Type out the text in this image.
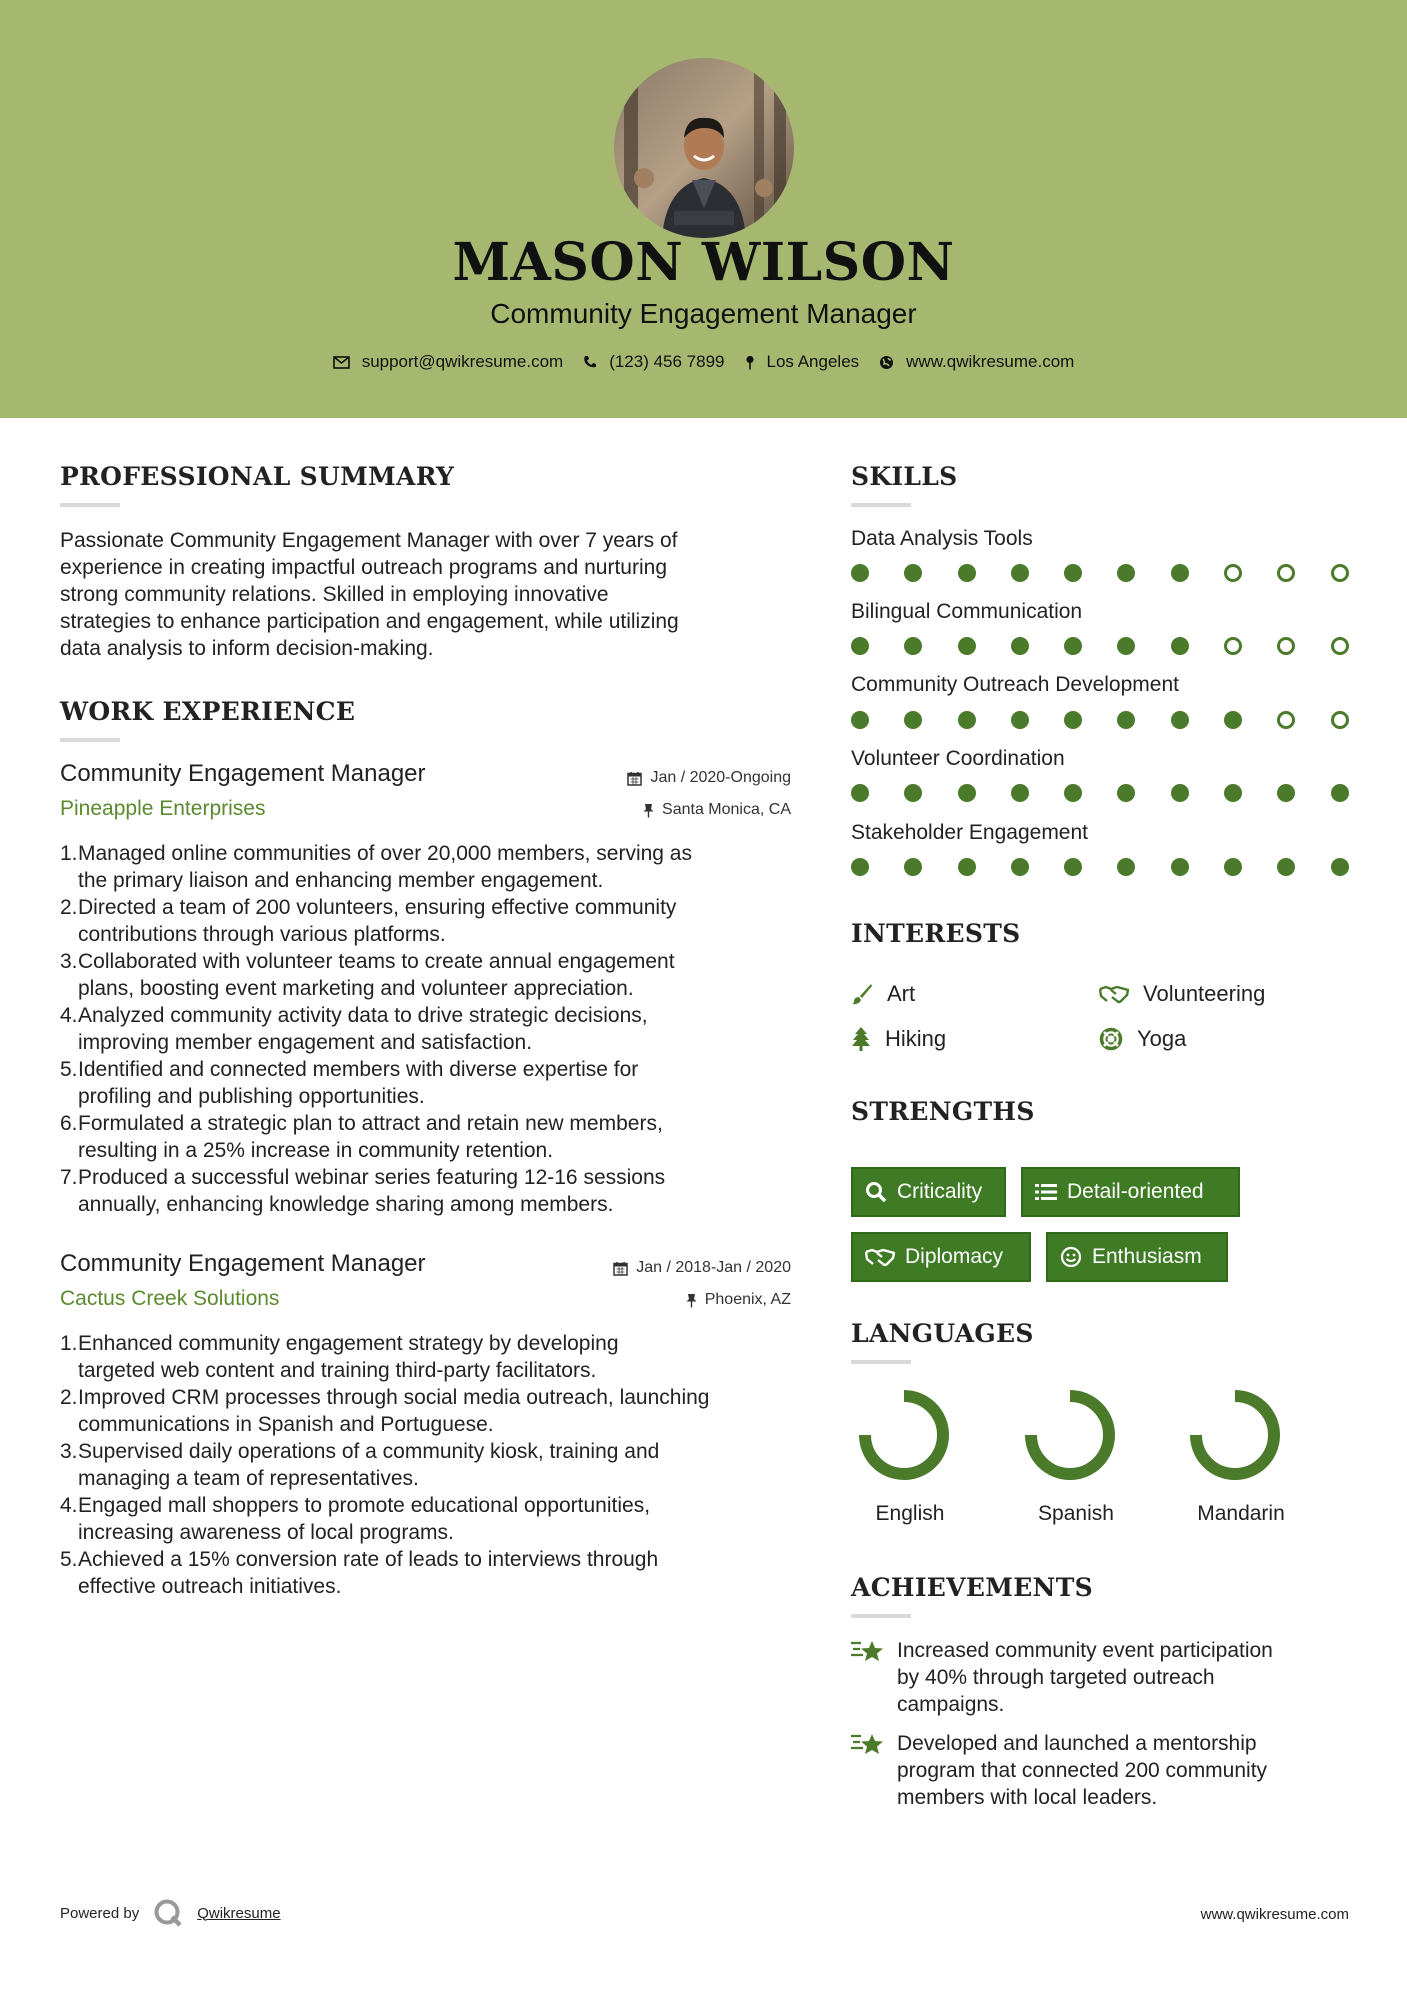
MASON WILSON
Community Engagement Manager
support@qwikresume.com	(123) 456 7899 Los Angeles	www.qwikresume.com
PROFESSIONAL SUMMARY
Passionate Community Engagement Manager with over 7 years of
experience in creating impactful outreach programs and nurturing
strong community relations. Skilled in employing innovative
strategies to enhance participation and engagement, while utilizing
data analysis to inform decision-making.
WORK EXPERIENCE
Community Engagement Manager	Jan / 2020-Ongoing
Pineapple Enterprises	Santa Monica, CA
1. Managed online communities of over 20,000 members, serving as
the primary liaison and enhancing member engagement.
2. Directed a team of 200 volunteers, ensuring effective community
contributions through various platforms.
3. Collaborated with volunteer teams to create annual engagement
plans, boosting event marketing and volunteer appreciation.
4. Analyzed community activity data to drive strategic decisions,
improving member engagement and satisfaction.
5. Identified and connected members with diverse expertise for
profiling and publishing opportunities.
6. Formulated a strategic plan to attract and retain new members,
resulting in a 25% increase in community retention.
7. Produced a successful webinar series featuring 12-16 sessions
annually, enhancing knowledge sharing among members.
Community Engagement Manager	Jan / 2018-Jan / 2020
Cactus Creek Solutions	Phoenix, AZ
1. Enhanced community engagement strategy by developing
targeted web content and training third-party facilitators.
2. Improved CRM processes through social media outreach, launching
communications in Spanish and Portuguese.
3. Supervised daily operations of a community kiosk, training and
managing a team of representatives.
4. Engaged mall shoppers to promote educational opportunities,
increasing awareness of local programs.
5. Achieved a 15% conversion rate of leads to interviews through
effective outreach initiatives.
SKILLS
Data Analysis Tools
Bilingual Communication
Community Outreach Development
Volunteer Coordination
Stakeholder Engagement
INTERESTS
Art	Volunteering
Hiking	Yoga
STRENGTHS
Criticality	Detail-oriented
Diplomacy	Enthusiasm
LANGUAGES
English	Spanish	Mandarin
ACHIEVEMENTS
Increased community event participation
by 40% through targeted outreach
campaigns.
Developed and launched a mentorship
program that connected 200 community
members with local leaders.
Powered by	Qwikresume	www.qwikresume.com
